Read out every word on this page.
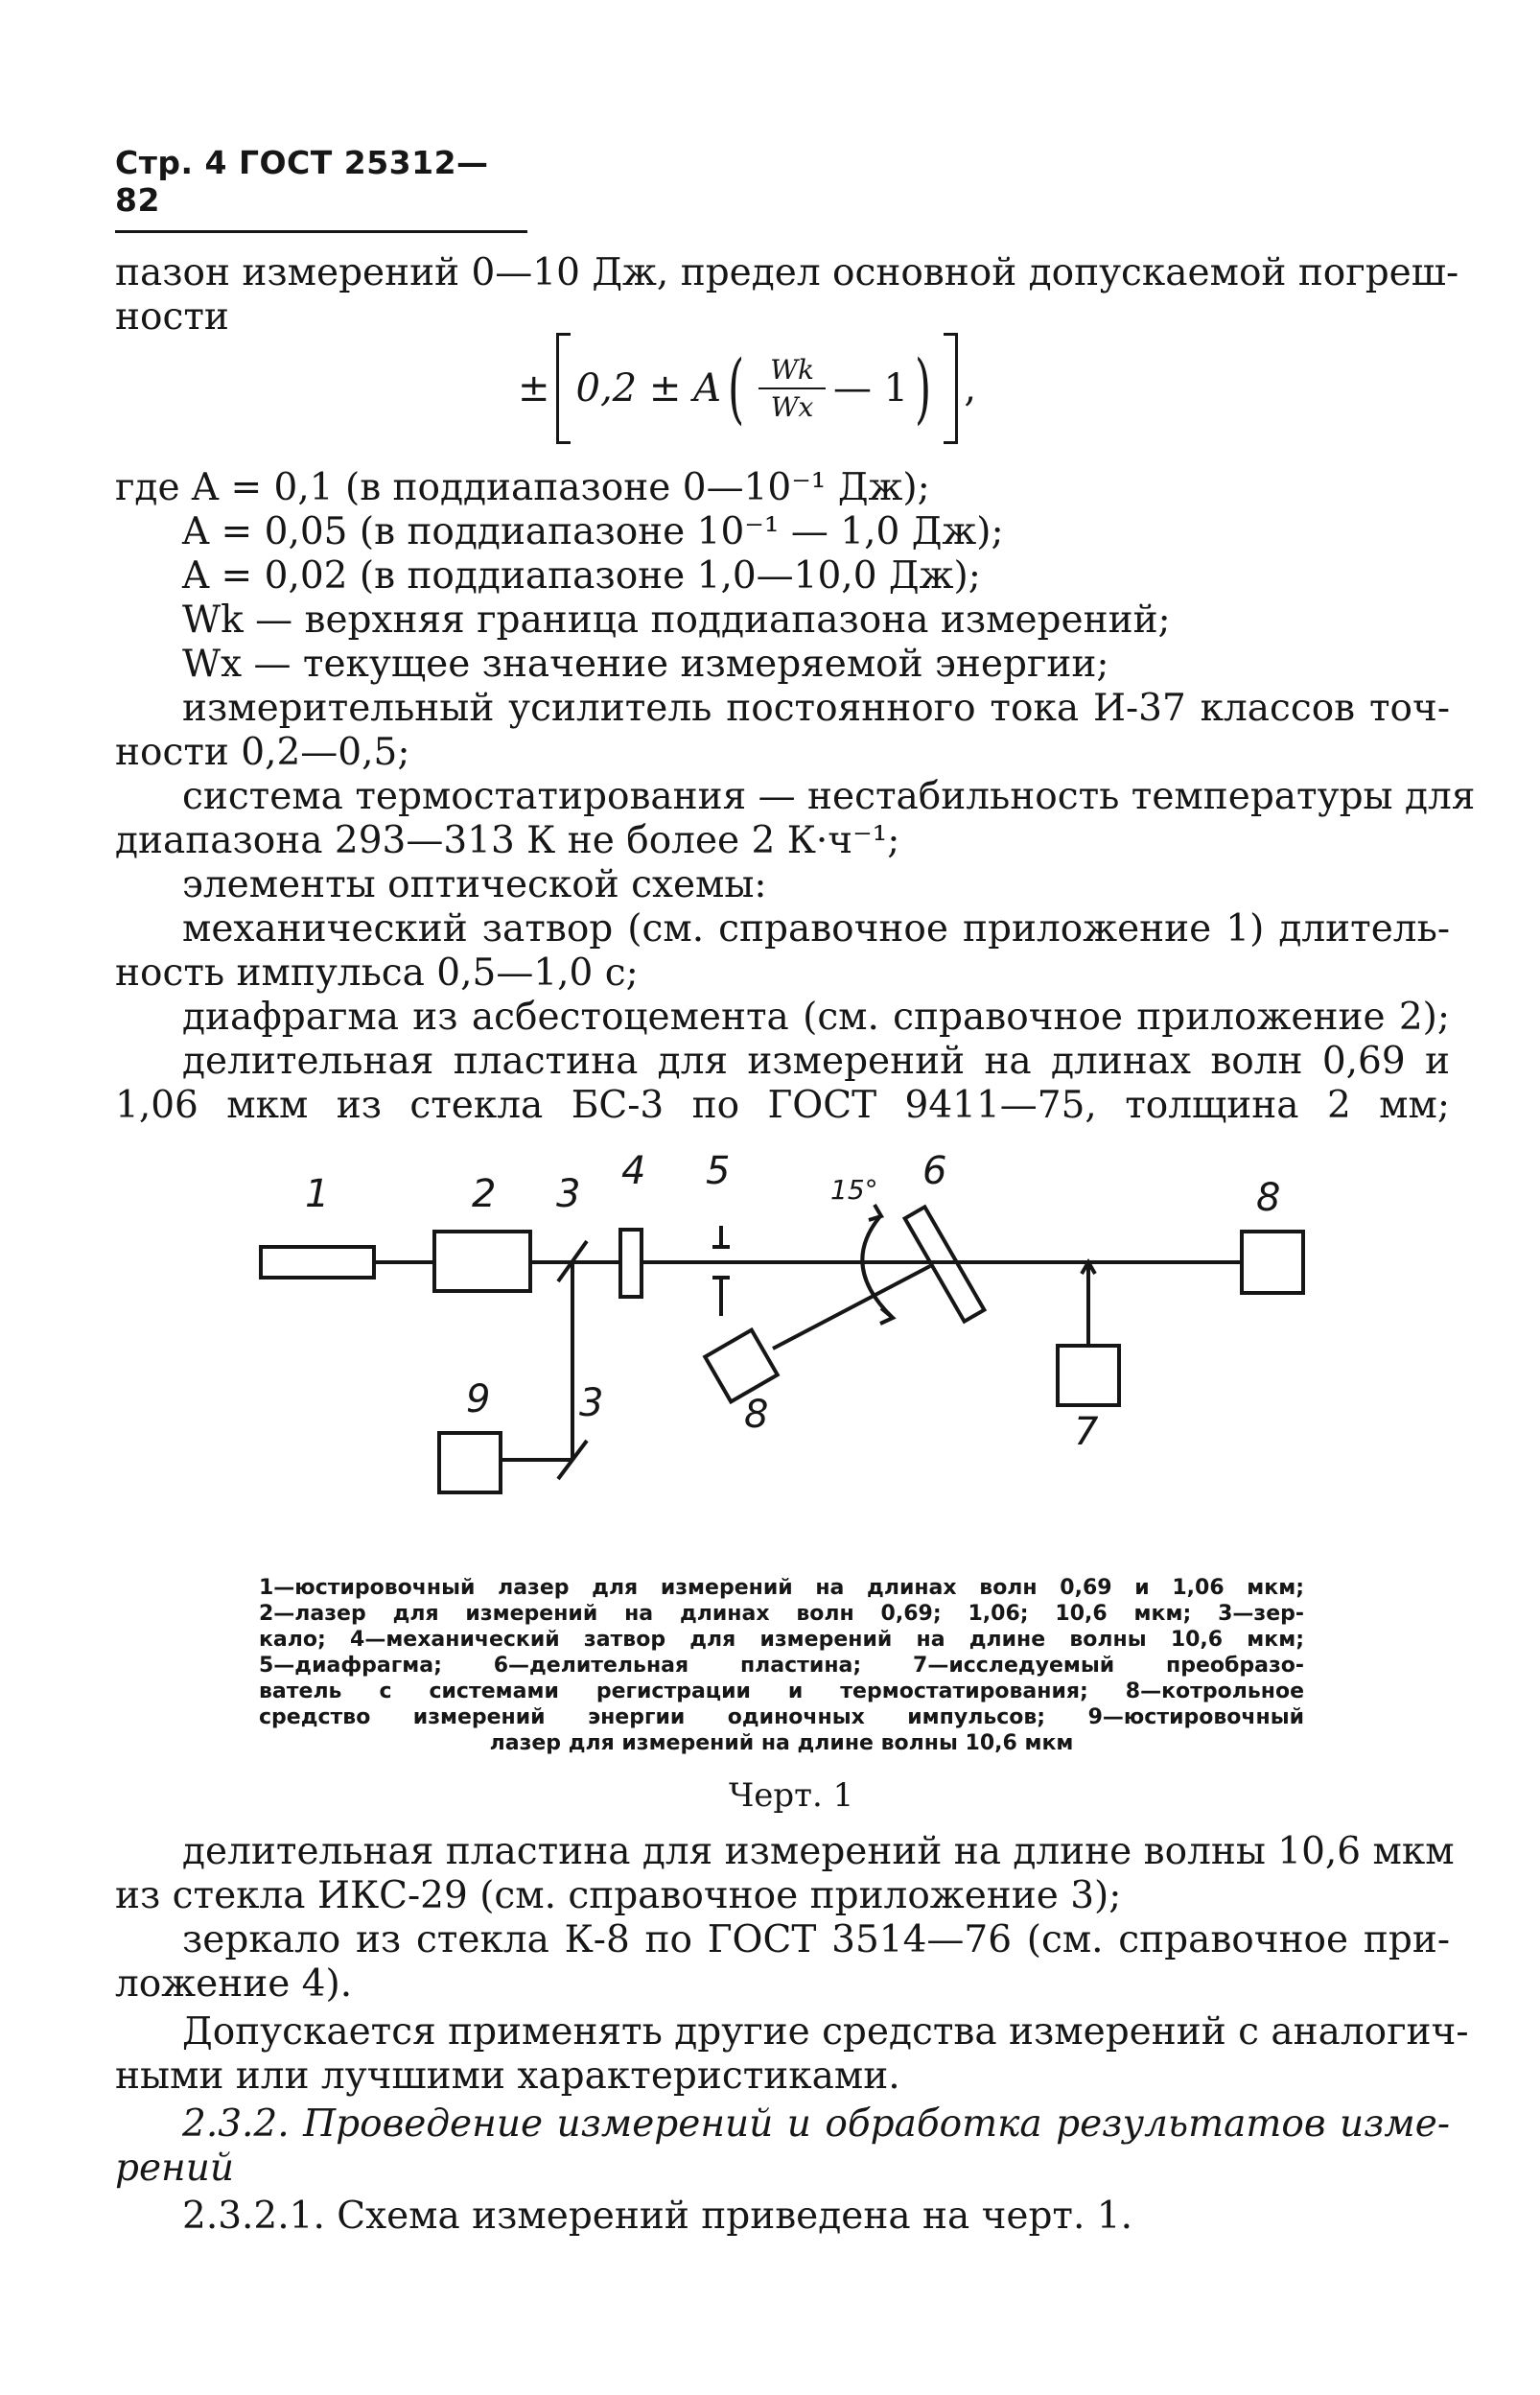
Стр. 4 ГОСТ 25312—82
пазон измерений 0—10 Дж, предел основной допускаемой погреш-
ности
± 0,2 ± A ( $\frac{Wk}{Wx}$ — 1 ) ,
где A = 0,1 (в поддиапазоне 0—10⁻¹ Дж);
A = 0,05 (в поддиапазоне 10⁻¹ — 1,0 Дж);
A = 0,02 (в поддиапазоне 1,0—10,0 Дж);
Wk — верхняя граница поддиапазона измерений;
Wx — текущее значение измеряемой энергии;
измерительный усилитель постоянного тока И-37 классов точ-
ности 0,2—0,5;
система термостатирования — нестабильность температуры для
диапазона 293—313 К не более 2 К·ч⁻¹;
элементы оптической схемы:
механический затвор (см. справочное приложение 1) длитель-
ность импульса 0,5—1,0 с;
диафрагма из асбестоцемента (см. справочное приложение 2);
делительная пластина для измерений на длинах волн 0,69 и
1,06 мкм из стекла БС-3 по ГОСТ 9411—75, толщина 2 мм;
1	2 3
4 5	6
8
15°
9 3	8	7
1—юстировочный лазер для измерений на длинах волн 0,69 и 1,06 мкм;
2—лазер для измерений на длинах волн 0,69; 1,06; 10,6 мкм; 3—зер-
кало; 4—механический затвор для измерений на длине волны 10,6 мкм;
5—диафрагма; 6—делительная пластина; 7—исследуемый преобразо-
ватель с системами регистрации и термостатирования; 8—котрольное
средство измерений энергии одиночных импульсов; 9—юстировочный
лазер для измерений на длине волны 10,6 мкм
Черт. 1
делительная пластина для измерений на длине волны 10,6 мкм
из стекла ИКС-29 (см. справочное приложение 3);
зеркало из стекла К-8 по ГОСТ 3514—76 (см. справочное при-
ложение 4).
Допускается применять другие средства измерений с аналогич-
ными или лучшими характеристиками.
2.3.2. Проведение измерений и обработка результатов изме-
рений
2.3.2.1. Схема измерений приведена на черт. 1.
